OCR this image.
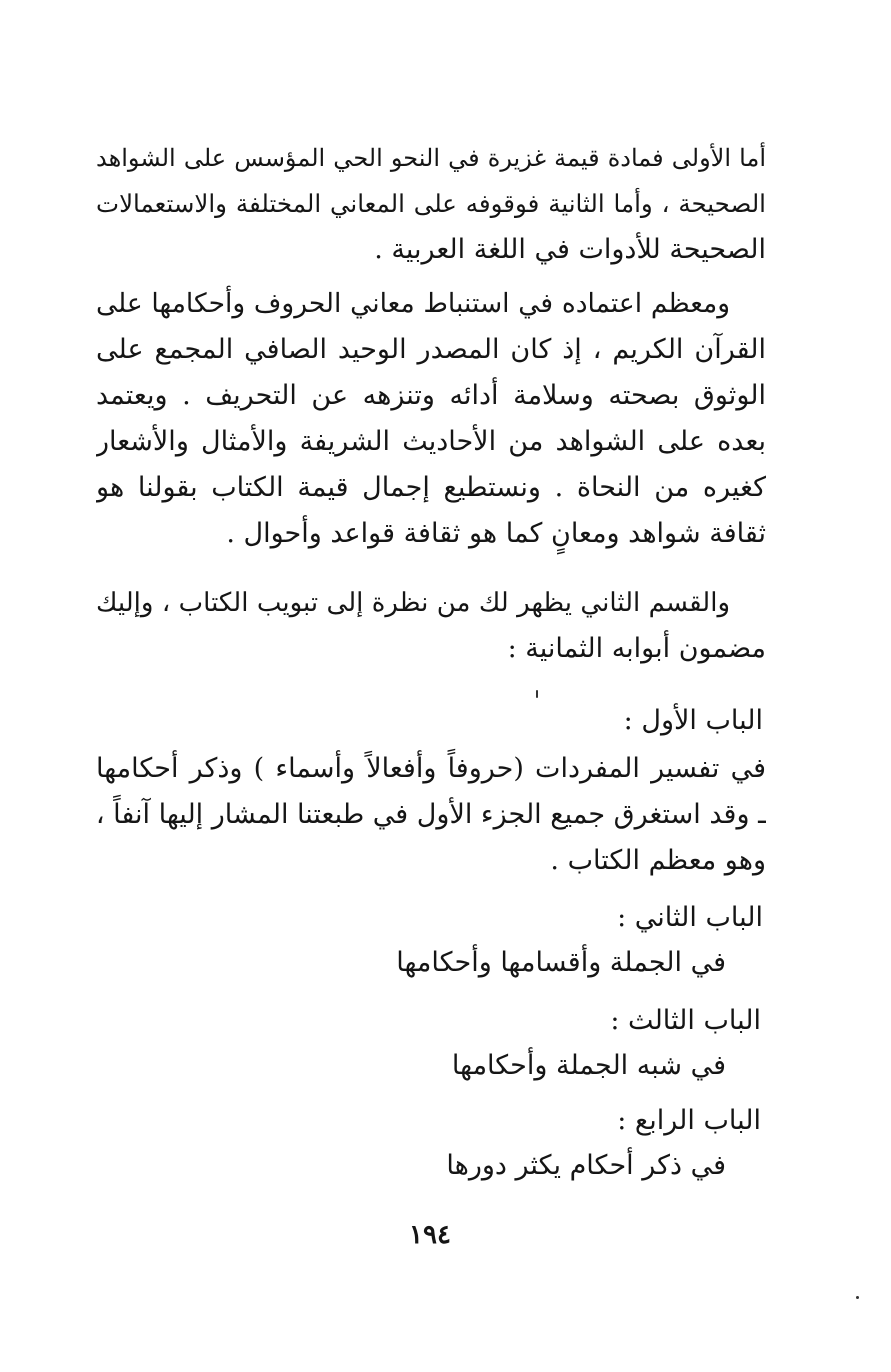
أما الأولى فمادة قيمة غزيرة في النحو الحي المؤسس على الشواهد
الصحيحة ، وأما الثانية فوقوفه على المعاني المختلفة والاستعمالات
الصحيحة للأدوات في اللغة العربية .
ومعظم اعتماده في استنباط معاني الحروف وأحكامها على
القرآن الكريم ، إذ كان المصدر الوحيد الصافي المجمع على
الوثوق بصحته وسلامة أدائه وتنزهه عن التحريف . ويعتمد
بعده على الشواهد من الأحاديث الشريفة والأمثال والأشعار
كغيره من النحاة . ونستطيع إجمال قيمة الكتاب بقولنا هو
ثقافة شواهد ومعانٍ كما هو ثقافة قواعد وأحوال .
والقسم الثاني يظهر لك من نظرة إلى تبويب الكتاب ، وإليك
مضمون أبوابه الثمانية :
الباب الأول :
في تفسير المفردات (حروفاً وأفعالاً وأسماء ) وذكر أحكامها
ـ وقد استغرق جميع الجزء الأول في طبعتنا المشار إليها آنفاً ،
وهو معظم الكتاب .
الباب الثاني :
في الجملة وأقسامها وأحكامها
الباب الثالث :
في شبه الجملة وأحكامها
الباب الرابع :
في ذكر أحكام يكثر دورها
١٩٤
